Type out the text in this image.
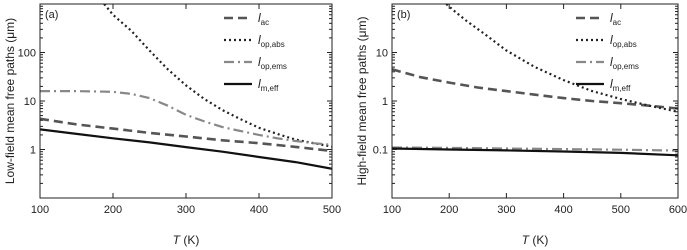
100	200	300	400	500
1
10
100
Low-field mean free paths (μm)
T (K)
(a)	$l_{ac}$
$l_{op,abs}$
$l_{op,ems}$
$l_{m,eff}$
100	200	300	400	500	600
0.1
1
10
High-field mean free paths (μm)
T (K)
(b)	$l_{ac}$
$l_{op,abs}$
$l_{op,ems}$
$l_{m,eff}$
